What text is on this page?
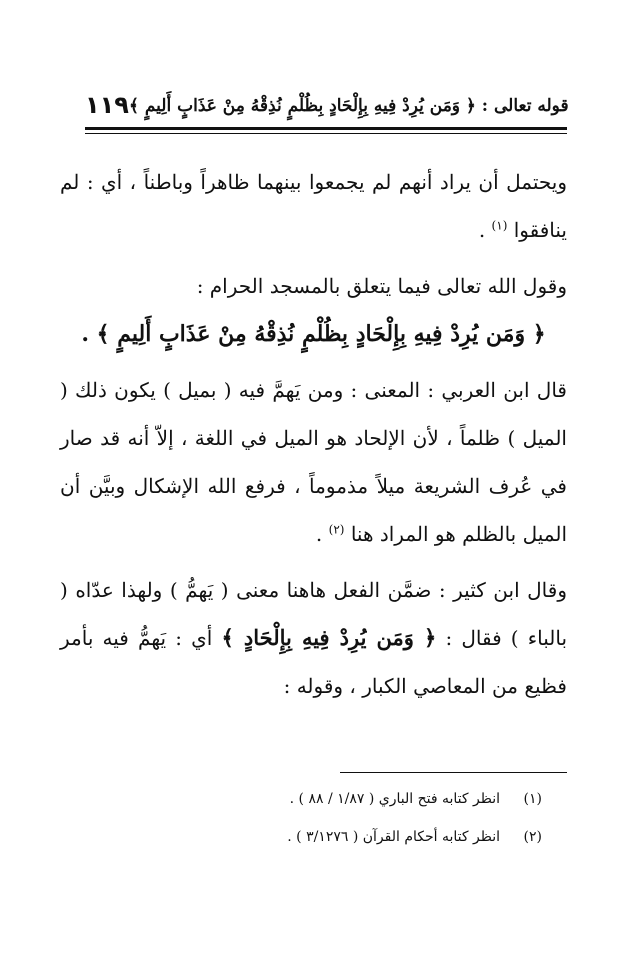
١١٩ قوله تعالى : ﴿ وَمَن يُرِدْ فِيهِ بِإِلْحَادٍ بِظُلْمٍ نُذِقْهُ مِنْ عَذَابٍ أَلِيمٍ ﴾

ويحتمل أن يراد أنهم لم يجمعوا بينهما ظاهراً وباطناً ، أي : لم ينافقوا $^{(١)}$ .

وقول الله تعالى فيما يتعلق بالمسجد الحرام :

﴿ وَمَن يُرِدْ فِيهِ بِإِلْحَادٍ بِظُلْمٍ نُذِقْهُ مِنْ عَذَابٍ أَلِيمٍ ﴾ .

قال ابن العربي : المعنى : ومن يَهمَّ فيه ( بميل ) يكون ذلك ( الميل ) ظلماً ، لأن الإلحاد هو الميل في اللغة ، إلاّ أنه قد صار في عُرف الشريعة ميلاً مذموماً ، فرفع الله الإشكال وبيَّن أن الميل بالظلم هو المراد هنا $^{(٢)}$ .

وقال ابن كثير : ضمَّن الفعل هاهنا معنى ( يَهمُّ ) ولهذا عدّاه ( بالباء ) فقال : ﴿ وَمَن يُرِدْ فِيهِ بِإِلْحَادٍ ﴾ أي : يَهمُّ فيه بأمر فظيع من المعاصي الكبار ، وقوله :

(١)انظر كتابه فتح الباري ( ١/٨٧ / ٨٨ ) .

(٢)انظر كتابه أحكام القرآن ( ٣/١٢٧٦ ) .
